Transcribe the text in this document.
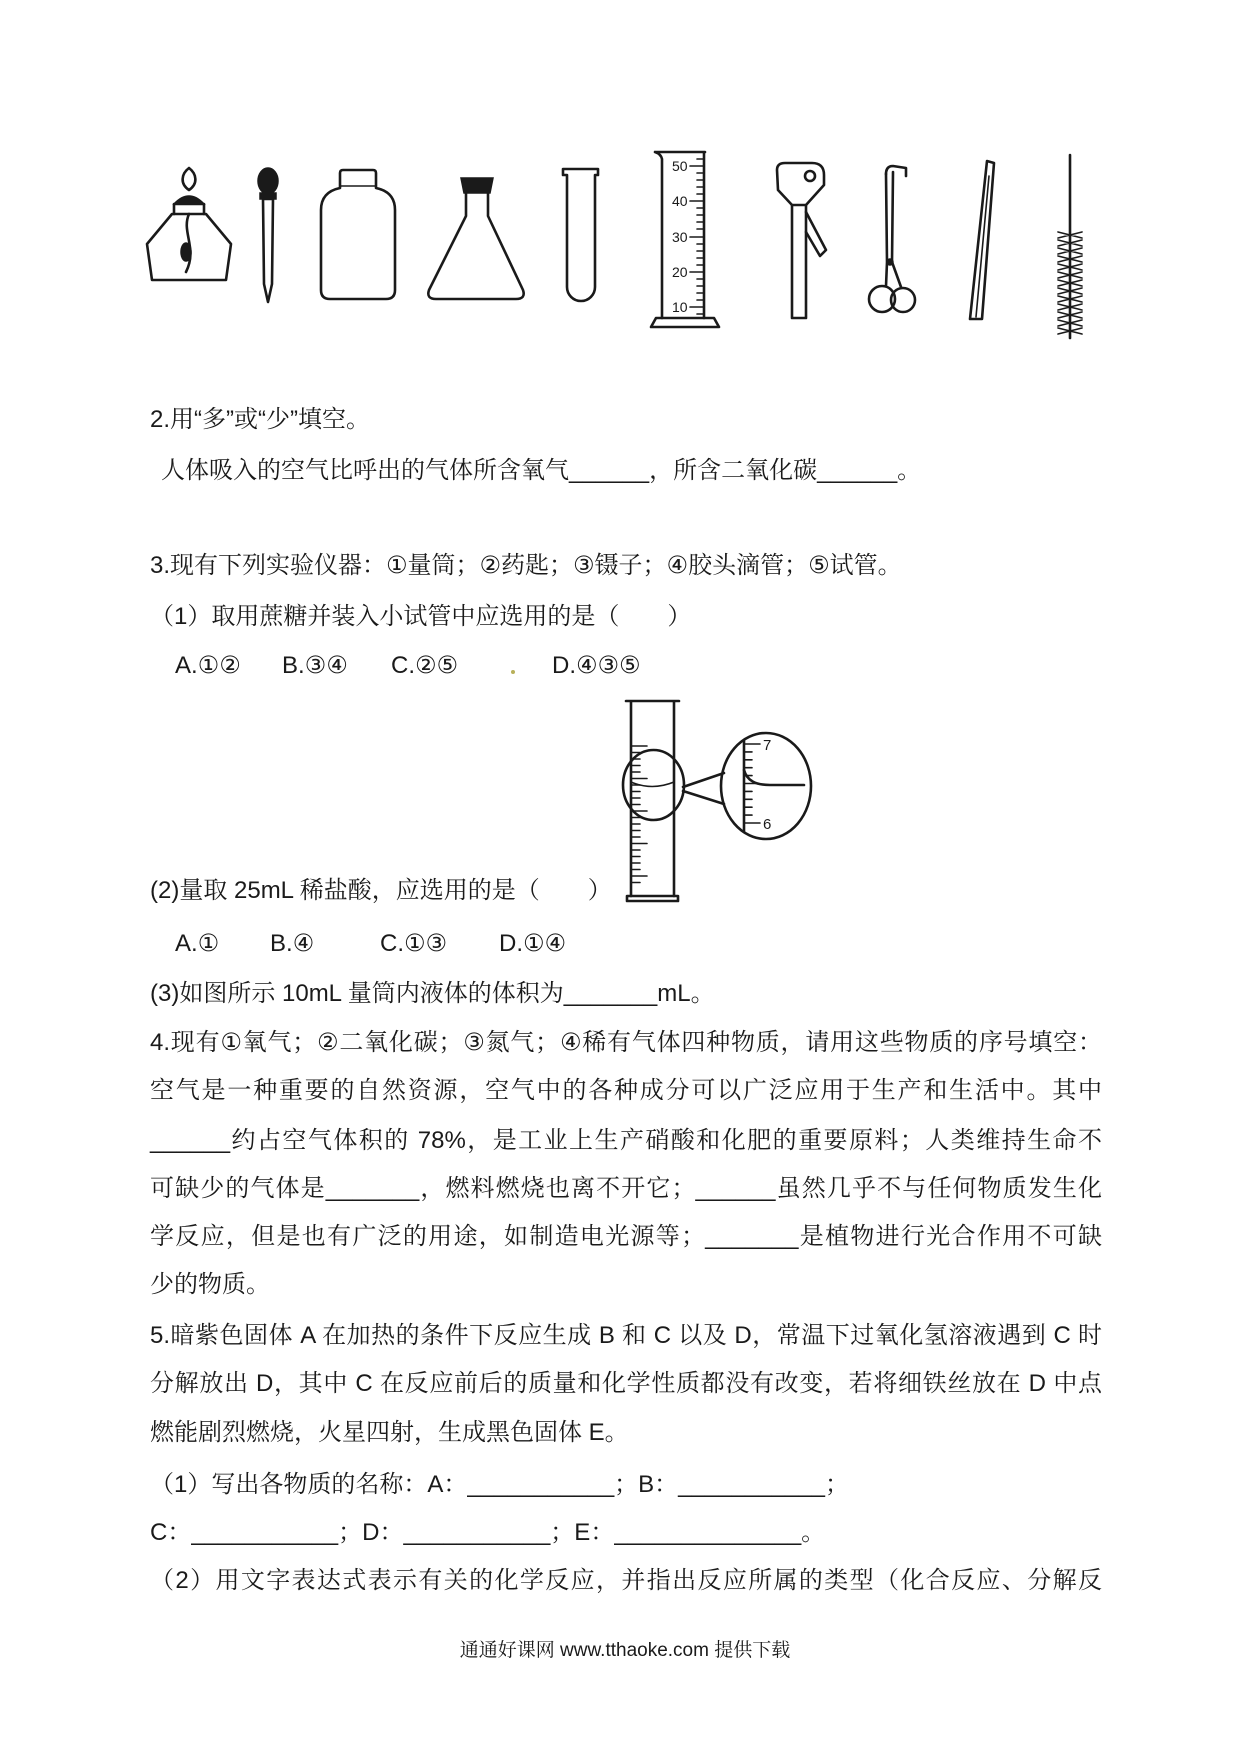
50
40
30
20
10
2.用“多”或“少”填空。
人体吸入的空气比呼出的气体所含氧气______，所含二氧化碳______。
3.现有下列实验仪器：①量筒；②药匙；③镊子；④胶头滴管；⑤试管。
（1）取用蔗糖并装入小试管中应选用的是（　　）
A.①② B.③④ C.②⑤	D.④③⑤
7
6
(2)量取 25mL 稀盐酸，应选用的是（　　）
A.① B.④	C.①③ D.①④
(3)如图所示 10mL 量筒内液体的体积为_______mL。
4.现有①氧气；②二氧化碳；③氮气；④稀有气体四种物质，请用这些物质的序号填空：
空气是一种重要的自然资源，空气中的各种成分可以广泛应用于生产和生活中。其中
______约占空气体积的 78%，是工业上生产硝酸和化肥的重要原料；人类维持生命不
可缺少的气体是_______，燃料燃烧也离不开它；______虽然几乎不与任何物质发生化
学反应，但是也有广泛的用途，如制造电光源等；_______是植物进行光合作用不可缺
少的物质。
5.暗紫色固体 A 在加热的条件下反应生成 B 和 C 以及 D，常温下过氧化氢溶液遇到 C 时
分解放出 D，其中 C 在反应前后的质量和化学性质都没有改变，若将细铁丝放在 D 中点
燃能剧烈燃烧，火星四射，生成黑色固体 E。
（1）写出各物质的名称：A：___________；B：___________；
C：___________；D：___________；E：______________。
（2）用文字表达式表示有关的化学反应，并指出反应所属的类型（化合反应、分解反
通通好课网 www.tthaoke.com 提供下载
